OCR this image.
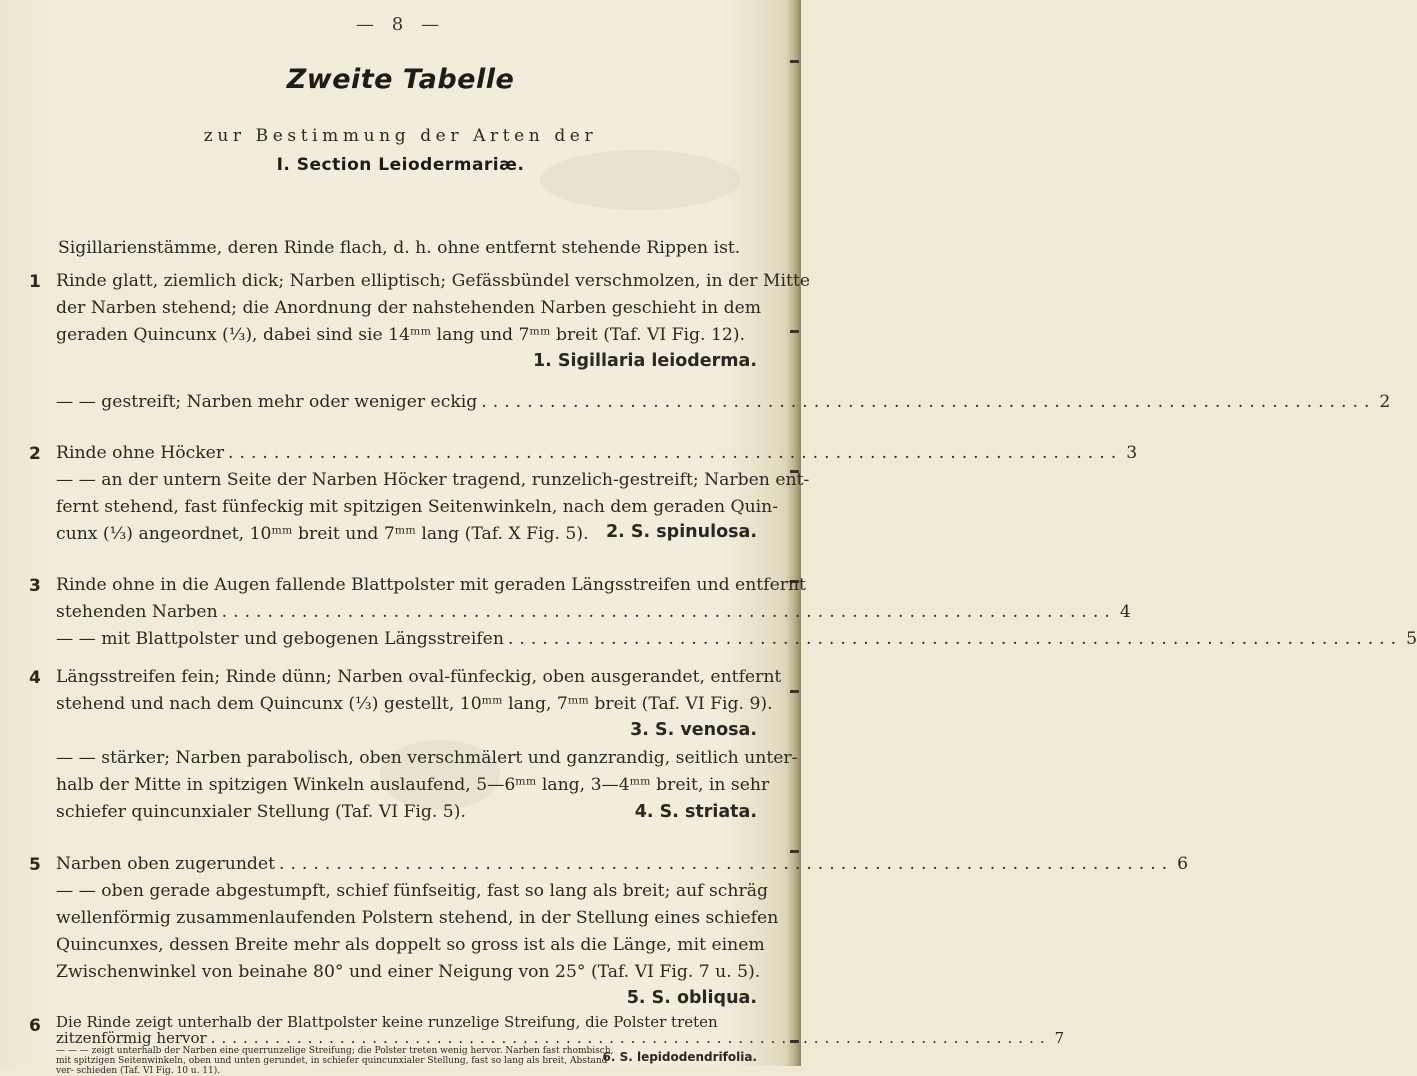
— 8 —
Zweite Tabelle
zur Bestimmung der Arten der
I. Section Leiodermariæ.
Sigillarienstämme, deren Rinde flach, d. h. ohne entfernt stehende Rippen ist.
1 Rinde glatt, ziemlich dick; Narben elliptisch; Gefässbündel verschmolzen, in der Mitte
der Narben stehend; die Anordnung der nahstehenden Narben geschieht in dem
geraden Quincunx (⅓), dabei sind sie 14ᵐᵐ lang und 7ᵐᵐ breit (Taf. VI Fig. 12).
1. Sigillaria leioderma.
— — gestreift; Narben mehr oder weniger eckig .............................................................................. 2
2 Rinde ohne Höcker .............................................................................. 3
— — an der untern Seite der Narben Höcker tragend, runzelich-gestreift; Narben ent-
fernt stehend, fast fünfeckig mit spitzigen Seitenwinkeln, nach dem geraden Quin-
cunx (⅓) angeordnet, 10ᵐᵐ breit und 7ᵐᵐ lang (Taf. X Fig. 5). 2. S. spinulosa.
3 Rinde ohne in die Augen fallende Blattpolster mit geraden Längsstreifen und entfernt
stehenden Narben .............................................................................. 4
— — mit Blattpolster und gebogenen Längsstreifen .............................................................................. 5
4 Längsstreifen fein; Rinde dünn; Narben oval-fünfeckig, oben ausgerandet, entfernt
stehend und nach dem Quincunx (⅓) gestellt, 10ᵐᵐ lang, 7ᵐᵐ breit (Taf. VI Fig. 9).
3. S. venosa.
— — stärker; Narben parabolisch, oben verschmälert und ganzrandig, seitlich unter-
halb der Mitte in spitzigen Winkeln auslaufend, 5—6ᵐᵐ lang, 3—4ᵐᵐ breit, in sehr
schiefer quincunxialer Stellung (Taf. VI Fig. 5).	4. S. striata.
5 Narben oben zugerundet .............................................................................. 6
— — oben gerade abgestumpft, schief fünfseitig, fast so lang als breit; auf schräg
wellenförmig zusammenlaufenden Polstern stehend, in der Stellung eines schiefen
Quincunxes, dessen Breite mehr als doppelt so gross ist als die Länge, mit einem
Zwischenwinkel von beinahe 80° und einer Neigung von 25° (Taf. VI Fig. 7 u. 5).
5. S. obliqua.
6 Die Rinde zeigt unterhalb der Blattpolster keine runzelige Streifung, die Polster treten
zitzenförmig hervor .............................................................................. 7
— — — zeigt unterhalb der Narben eine querrunzelige Streifung; die Polster treten wenig hervor. Narben fast rhombisch, mit spitzigen Seitenwinkeln, oben und unten gerundet, in schiefer quincunxialer Stellung, fast so lang als breit, Abstand ver- schieden (Taf. VI Fig. 10 u. 11).
6. S. lepidodendrifolia.
